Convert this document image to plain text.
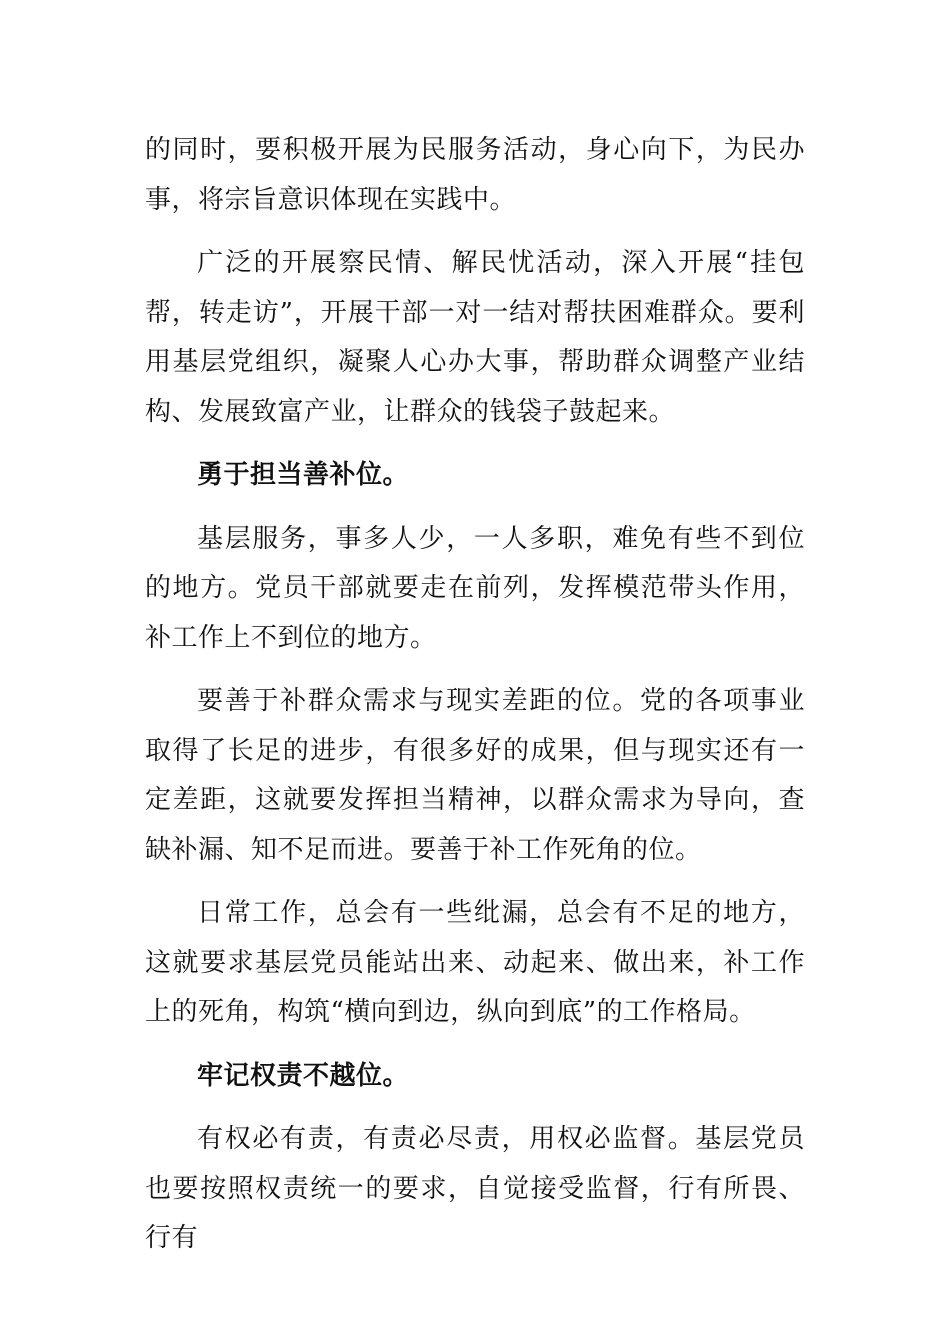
的同时，要积极开展为民服务活动，身心向下，为民办事，将宗旨意识体现在实践中。

广泛的开展察民情、解民忧活动，深入开展“挂包帮，转走访”，开展干部一对一结对帮扶困难群众。要利用基层党组织，凝聚人心办大事，帮助群众调整产业结构、发展致富产业，让群众的钱袋子鼓起来。

勇于担当善补位。

基层服务，事多人少，一人多职，难免有些不到位的地方。党员干部就要走在前列，发挥模范带头作用，补工作上不到位的地方。

要善于补群众需求与现实差距的位。党的各项事业取得了长足的进步，有很多好的成果，但与现实还有一定差距，这就要发挥担当精神，以群众需求为导向，查缺补漏、知不足而进。要善于补工作死角的位。

日常工作，总会有一些纰漏，总会有不足的地方，这就要求基层党员能站出来、动起来、做出来，补工作上的死角，构筑“横向到边，纵向到底”的工作格局。

牢记权责不越位。

有权必有责，有责必尽责，用权必监督。基层党员也要按照权责统一的要求，自觉接受监督，行有所畏、行有
